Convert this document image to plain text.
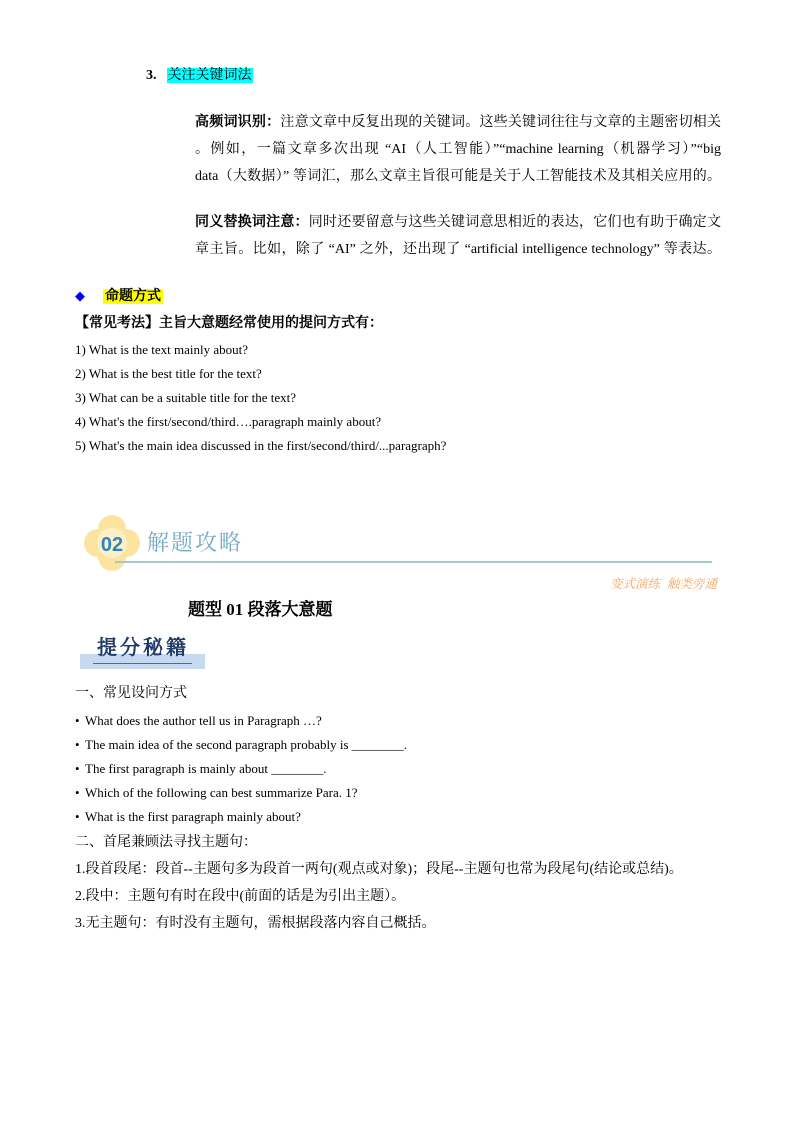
3. 关注关键词法
高频词识别：注意文章中反复出现的关键词。这些关键词往往与文章的主题密切相关
。例如，一篇文章多次出现 “AI（人工智能）”“machine learning（机器学习）”“big
data（大数据）” 等词汇，那么文章主旨很可能是关于人工智能技术及其相关应用的。
同义替换词注意：同时还要留意与这些关键词意思相近的表达，它们也有助于确定文
章主旨。比如，除了 “AI” 之外，还出现了 “artificial intelligence technology” 等表达。
◆ 命题方式
【常见考法】主旨大意题经常使用的提问方式有：
1) What is the text mainly about?
2) What is the best title for the text?
3) What can be a suitable title for the text?
4) What's the first/second/third….paragraph mainly about?
5) What's the main idea discussed in the first/second/third/...paragraph?
02	解题攻略
变式演练  触类旁通
题型 01 段落大意题
提分秘籍
一、常见设问方式
• What does the author tell us in Paragraph …?
• The main idea of the second paragraph probably is ________.
• The first paragraph is mainly about ________.
• Which of the following can best summarize Para. 1?
• What is the first paragraph mainly about?
二、首尾兼顾法寻找主题句：
1.段首段尾：段首--主题句多为段首一两句(观点或对象)；段尾--主题句也常为段尾句(结论或总结)。
2.段中：主题句有时在段中(前面的话是为引出主题）。
3.无主题句：有时没有主题句，需根据段落内容自己概括。
